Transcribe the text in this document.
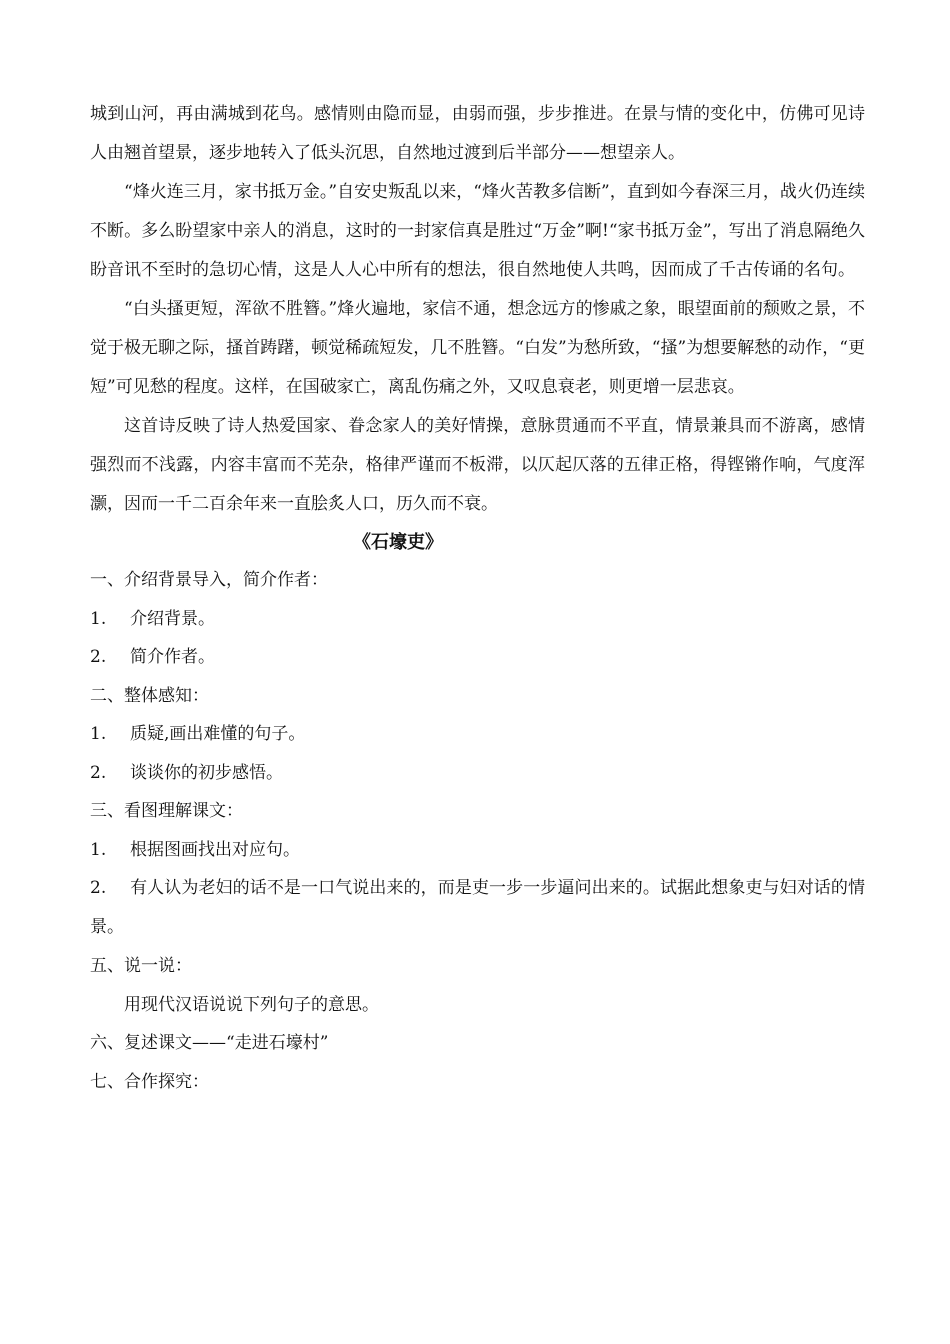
城到山河，再由满城到花鸟。感情则由隐而显，由弱而强，步步推进。在景与情的变化中，仿佛可见诗人由翘首望景，逐步地转入了低头沉思，自然地过渡到后半部分——想望亲人。

“烽火连三月，家书抵万金。”自安史叛乱以来，“烽火苦教多信断”，直到如今春深三月，战火仍连续不断。多么盼望家中亲人的消息，这时的一封家信真是胜过“万金”啊!“家书抵万金”，写出了消息隔绝久盼音讯不至时的急切心情，这是人人心中所有的想法，很自然地使人共鸣，因而成了千古传诵的名句。

“白头搔更短，浑欲不胜簪。”烽火遍地，家信不通，想念远方的惨戚之象，眼望面前的颓败之景，不觉于极无聊之际，搔首踌躇，顿觉稀疏短发，几不胜簪。“白发”为愁所致，“搔”为想要解愁的动作，“更短”可见愁的程度。这样，在国破家亡，离乱伤痛之外，又叹息衰老，则更增一层悲哀。

这首诗反映了诗人热爱国家、眷念家人的美好情操，意脉贯通而不平直，情景兼具而不游离，感情强烈而不浅露，内容丰富而不芜杂，格律严谨而不板滞，以仄起仄落的五律正格，得铿锵作响，气度浑灏，因而一千二百余年来一直脍炙人口，历久而不衰。

《石壕吏》

一、介绍背景导入，简介作者：

1. 介绍背景。

2. 简介作者。

二、整体感知：

1. 质疑,画出难懂的句子。

2. 谈谈你的初步感悟。

三、看图理解课文：

1. 根据图画找出对应句。

2. 有人认为老妇的话不是一口气说出来的，而是吏一步一步逼问出来的。试据此想象吏与妇对话的情景。

五、说一说：

用现代汉语说说下列句子的意思。

六、复述课文——“走进石壕村”

七、合作探究：
